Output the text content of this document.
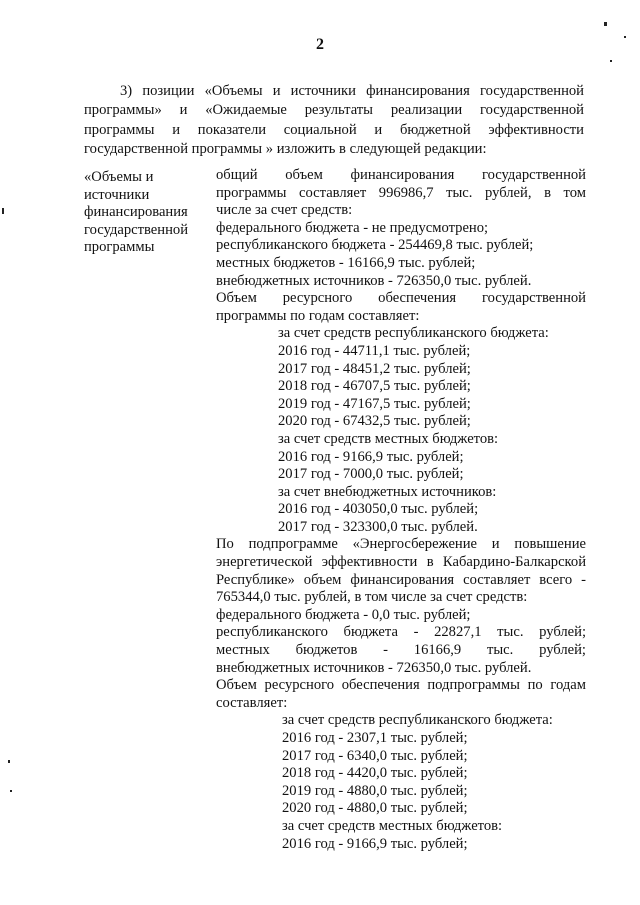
2
3) позиции «Объемы и источники финансирования государственной
программы» и «Ожидаемые результаты реализации государственной
программы и показатели социальной и бюджетной эффективности
государственной программы » изложить в следующей редакции:
«Объемы и
источники
финансирования
государственной
программы
общий объем финансирования государственной
программы составляет 996986,7 тыс. рублей, в том
числе за счет средств:
федерального бюджета - не предусмотрено;
республиканского бюджета - 254469,8 тыс. рублей;
местных бюджетов - 16166,9 тыс. рублей;
внебюджетных источников - 726350,0 тыс. рублей.
Объем ресурсного обеспечения государственной
программы по годам составляет:
за счет средств республиканского бюджета:
2016 год - 44711,1 тыс. рублей;
2017 год - 48451,2 тыс. рублей;
2018 год - 46707,5 тыс. рублей;
2019 год - 47167,5 тыс. рублей;
2020 год - 67432,5 тыс. рублей;
за счет средств местных бюджетов:
2016 год - 9166,9 тыс. рублей;
2017 год - 7000,0 тыс. рублей;
за счет внебюджетных источников:
2016 год - 403050,0 тыс. рублей;
2017 год - 323300,0 тыс. рублей.
По подпрограмме «Энергосбережение и повышение
энергетической эффективности в Кабардино-Балкарской
Республике» объем финансирования составляет всего -
765344,0 тыс. рублей, в том числе за счет средств:
федерального бюджета - 0,0 тыс. рублей;
республиканского бюджета - 22827,1 тыс. рублей;
местных бюджетов - 16166,9 тыс. рублей;
внебюджетных источников - 726350,0 тыс. рублей.
Объем ресурсного обеспечения подпрограммы по годам
составляет:
за счет средств республиканского бюджета:
2016 год - 2307,1 тыс. рублей;
2017 год - 6340,0 тыс. рублей;
2018 год - 4420,0 тыс. рублей;
2019 год - 4880,0 тыс. рублей;
2020 год - 4880,0 тыс. рублей;
за счет средств местных бюджетов:
2016 год - 9166,9 тыс. рублей;
